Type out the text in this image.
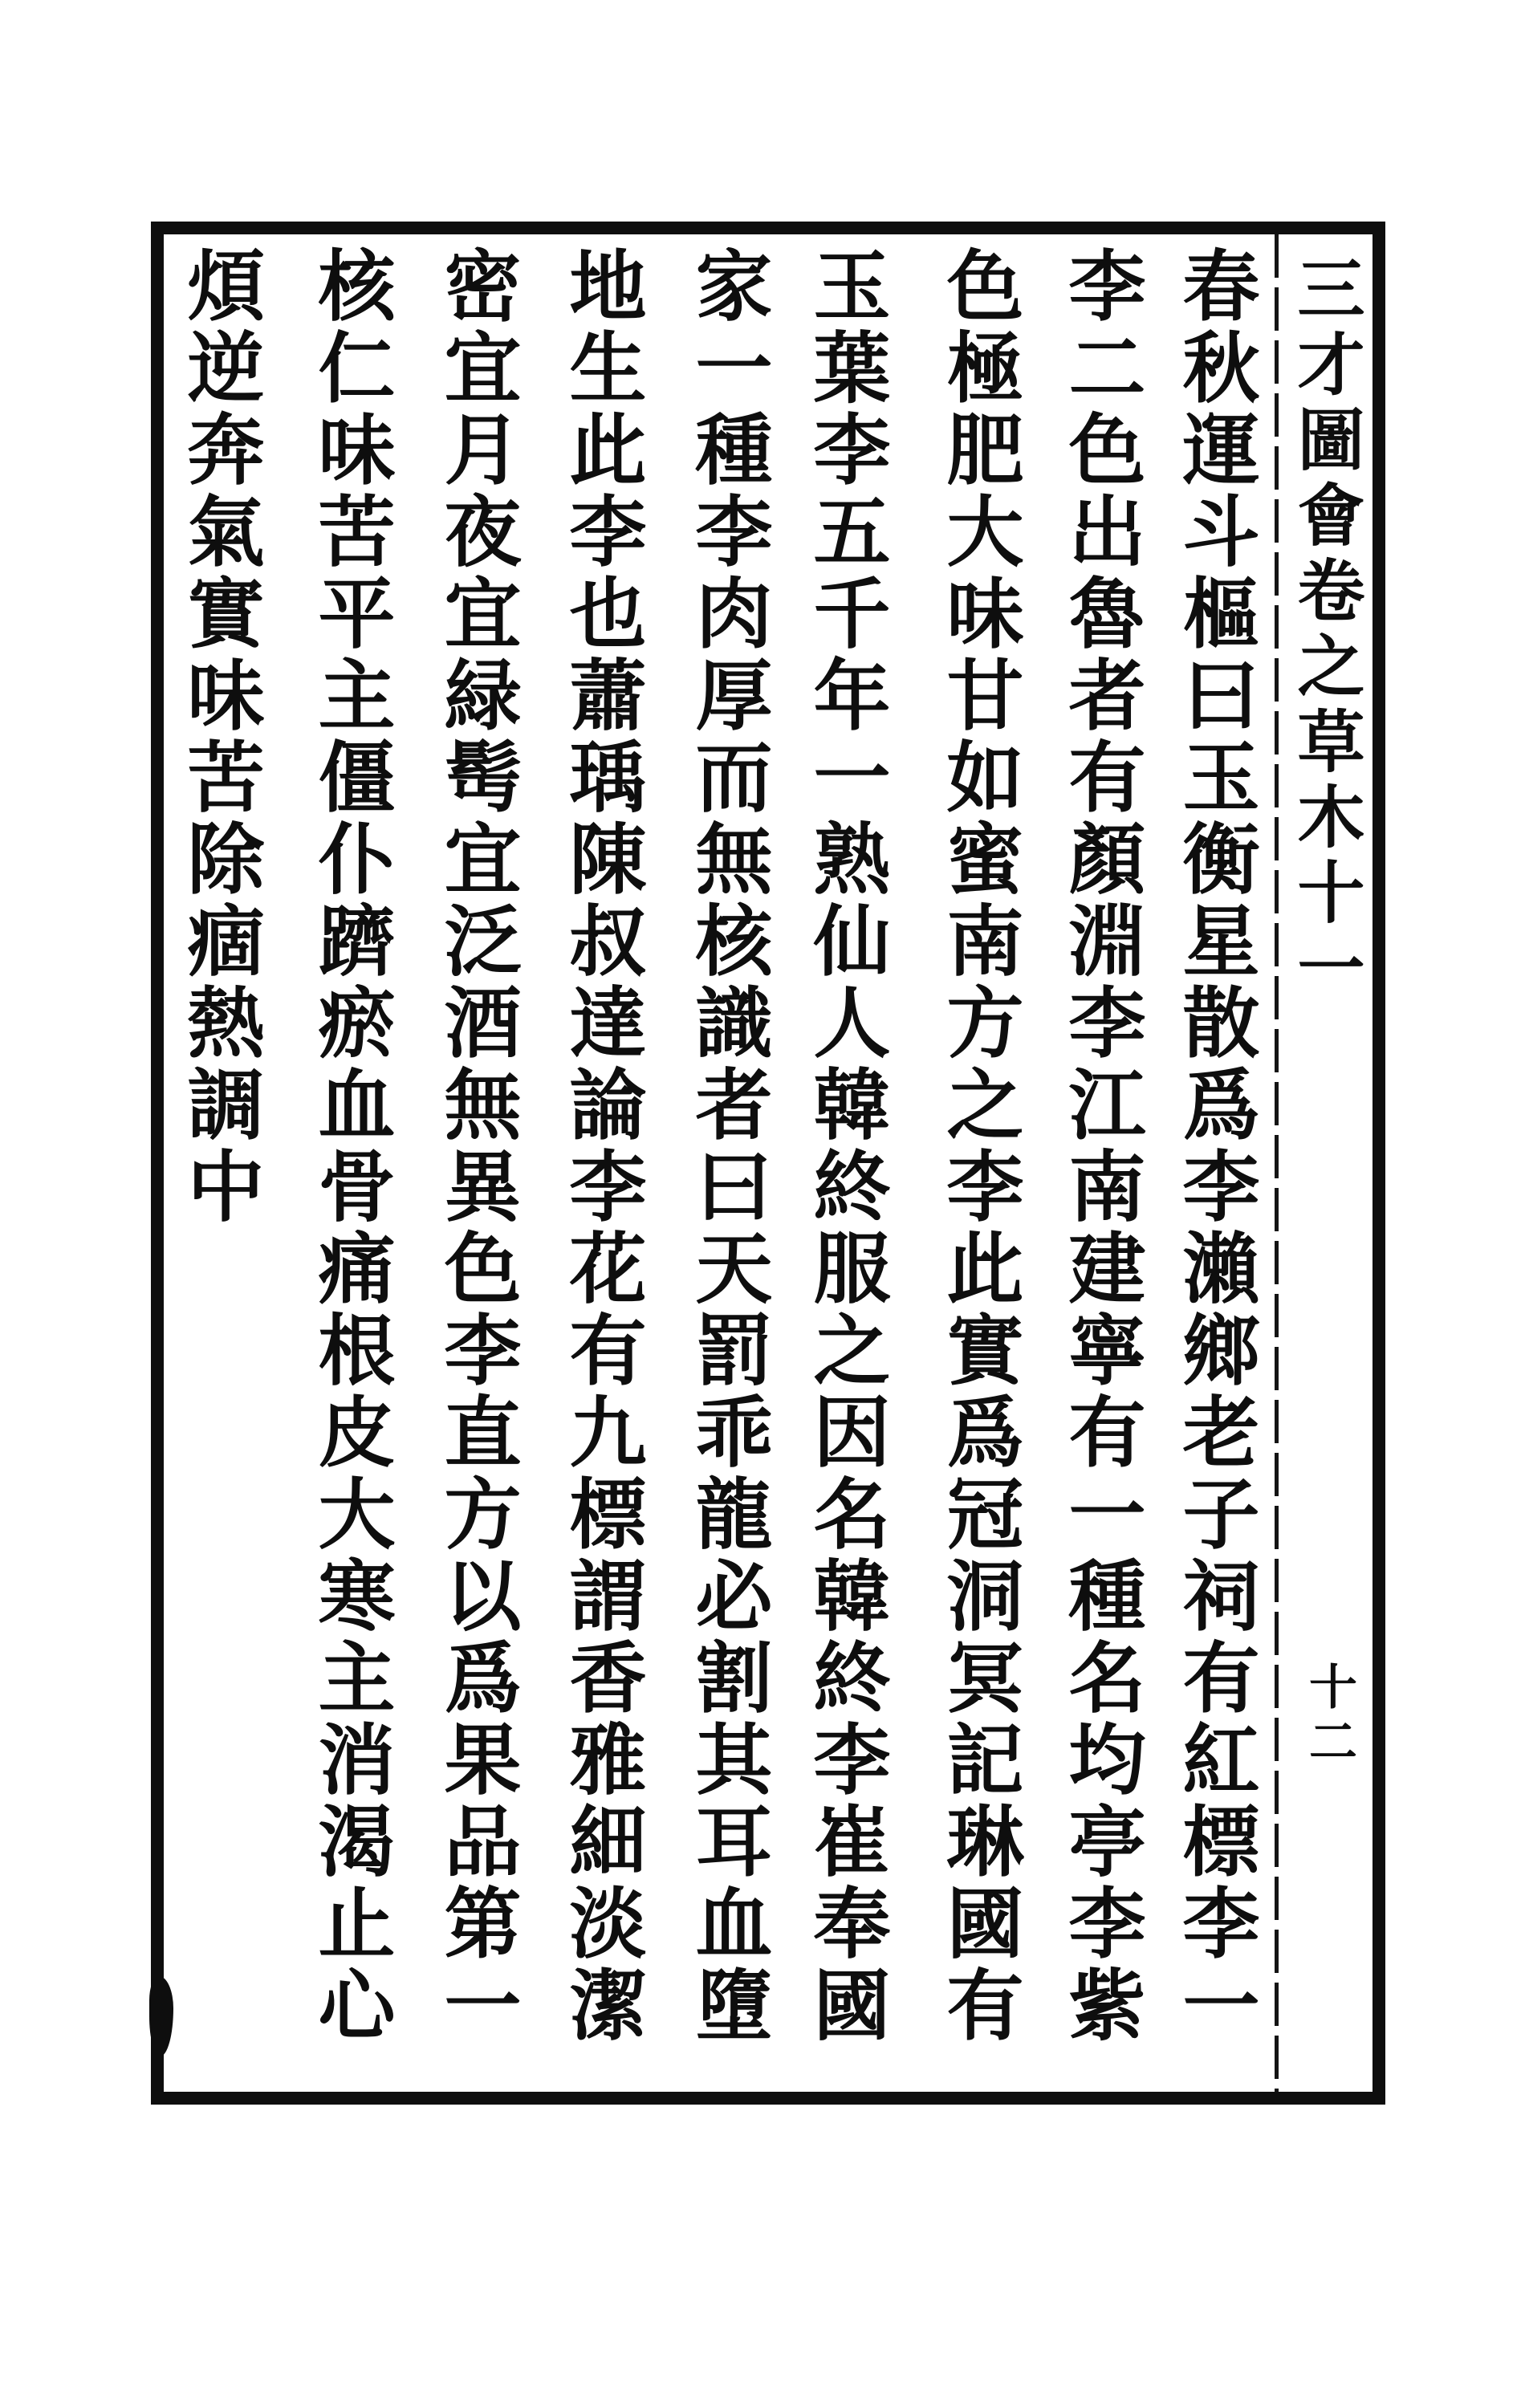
春秋運斗樞曰玉衡星散爲李瀨鄉老子祠有紅標李一
李二色出魯者有顏淵李江南建寧有一種名均亭李紫
色極肥大味甘如蜜南方之李此實爲冠洞冥記琳國有
玉葉李五千年一熟仙人韓終服之因名韓終李崔奉國
家一種李肉厚而無核識者曰天罰乖龍必割其耳血墮
地生此李也蕭瑀陳叔達論李花有九標謂香雅細淡潔
密宜月夜宜緑髩宜泛酒無異色李直方以爲果品第一
核仁味苦平主僵仆躋瘀血骨痛根皮大寒主消渴止心
煩逆奔氣實味苦除痼熱調中	三才圖會卷之草木十一
十二
